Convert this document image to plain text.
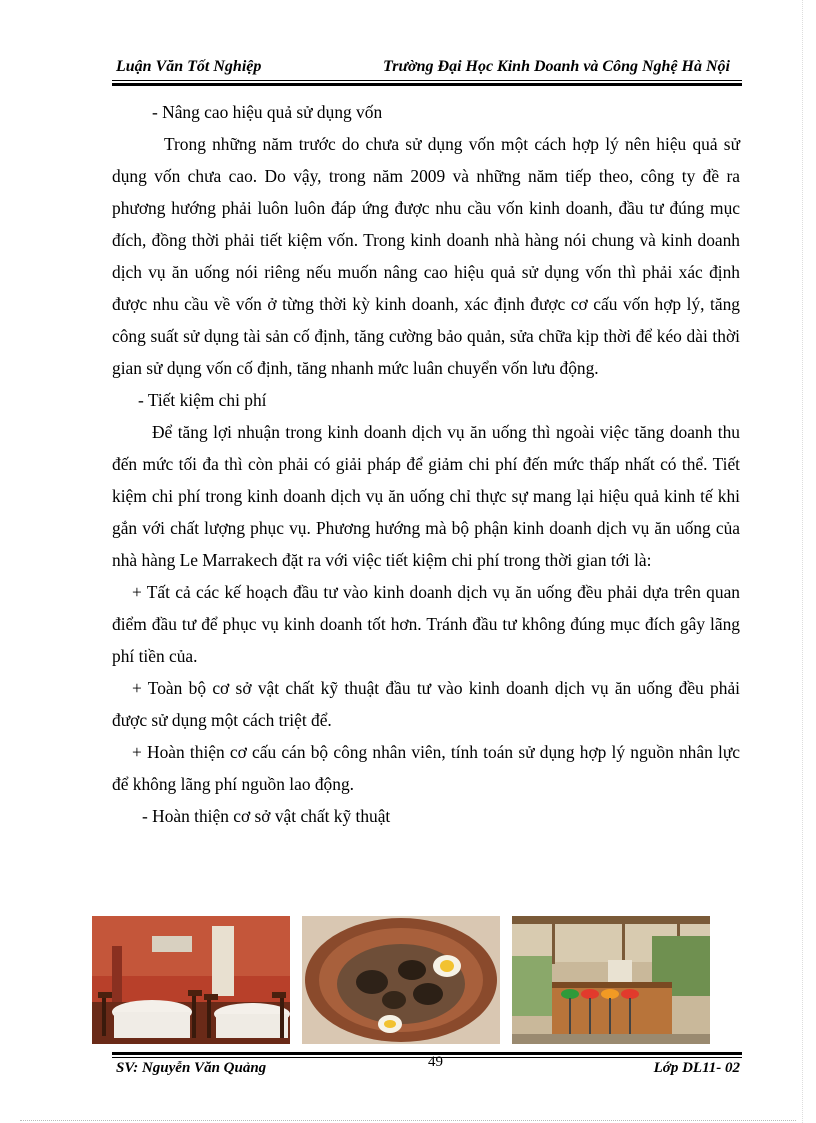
Luận Văn Tốt Nghiệp	Trường Đại Học Kinh Doanh và Công Nghệ Hà Nội

- Nâng cao hiệu quả sử dụng vốn

Trong những năm trước do chưa sử dụng vốn một cách hợp lý nên hiệu quả sử dụng vốn chưa cao. Do vậy, trong năm 2009 và những năm tiếp theo, công ty đề ra phương hướng phải luôn luôn đáp ứng được nhu cầu vốn kinh doanh, đầu tư đúng mục đích, đồng thời phải tiết kiệm vốn. Trong kinh doanh nhà hàng nói chung và kinh doanh dịch vụ ăn uống nói riêng nếu muốn nâng cao hiệu quả sử dụng vốn thì phải xác định được nhu cầu về vốn ở từng thời kỳ kinh doanh, xác định được cơ cấu vốn hợp lý, tăng công suất sử dụng tài sản cố định, tăng cường bảo quản, sửa chữa kịp thời để kéo dài thời gian sử dụng vốn cố định, tăng nhanh mức luân chuyển vốn lưu động.

- Tiết kiệm chi phí

Để tăng lợi nhuận trong kinh doanh dịch vụ ăn uống thì ngoài việc tăng doanh thu đến mức tối đa thì còn phải có giải pháp để giảm chi phí đến mức thấp nhất có thể. Tiết kiệm chi phí trong kinh doanh dịch vụ ăn uống chỉ thực sự mang lại hiệu quả kinh tế khi gắn với chất lượng phục vụ. Phương hướng mà bộ phận kinh doanh dịch vụ ăn uống của nhà hàng Le Marrakech đặt ra với việc tiết kiệm chi phí trong thời gian tới là:

+ Tất cả các kế hoạch đầu tư vào kinh doanh dịch vụ ăn uống đều phải dựa trên quan điểm đầu tư để phục vụ kinh doanh tốt hơn. Tránh đầu tư không đúng mục đích gây lãng phí tiền của.

+ Toàn bộ cơ sở vật chất kỹ thuật đầu tư vào kinh doanh dịch vụ ăn uống đều phải được sử dụng một cách triệt để.

+ Hoàn thiện cơ cấu cán bộ công nhân viên, tính toán sử dụng hợp lý nguồn nhân lực để không lãng phí nguồn lao động.

- Hoàn thiện cơ sở vật chất kỹ thuật

SV: Nguyễn Văn Quảng	Lớp DL11- 02
49
